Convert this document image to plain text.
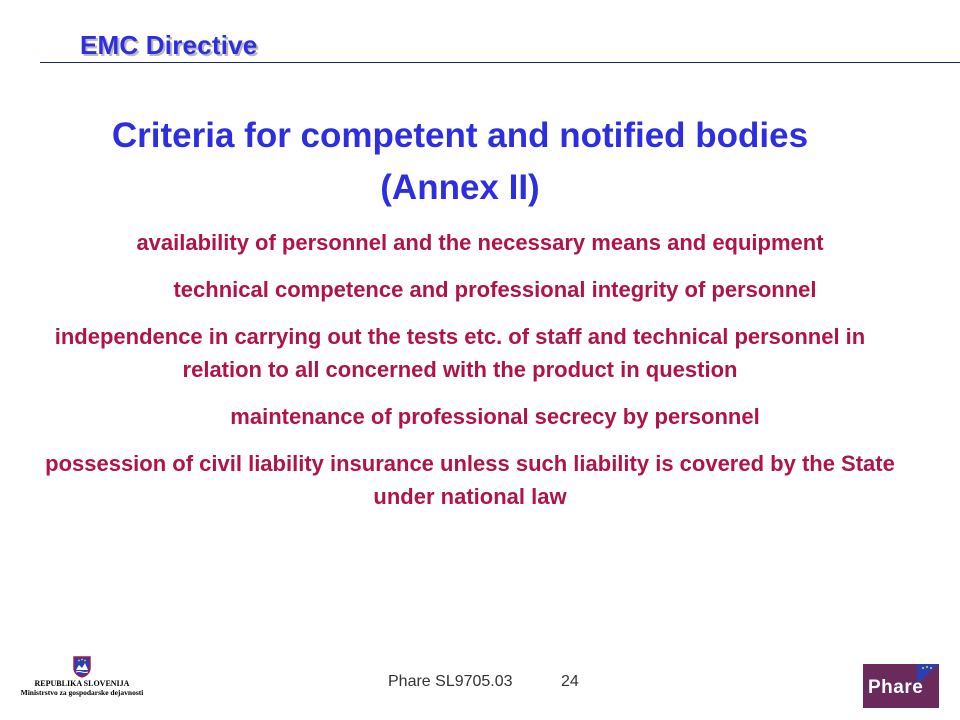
EMC Directive
Criteria for competent and notified bodies
(Annex II)
availability of personnel and the necessary means and equipment
technical competence and professional integrity of personnel
independence in carrying out the tests etc. of staff and technical personnel in relation to all concerned with the product in question
maintenance of professional secrecy by personnel
possession of civil liability insurance unless such liability is covered by the State under national law
REPUBLIKA SLOVENIJA
Ministrstvo za gospodarske dejavnosti
Phare SL9705.03	24	Phare
